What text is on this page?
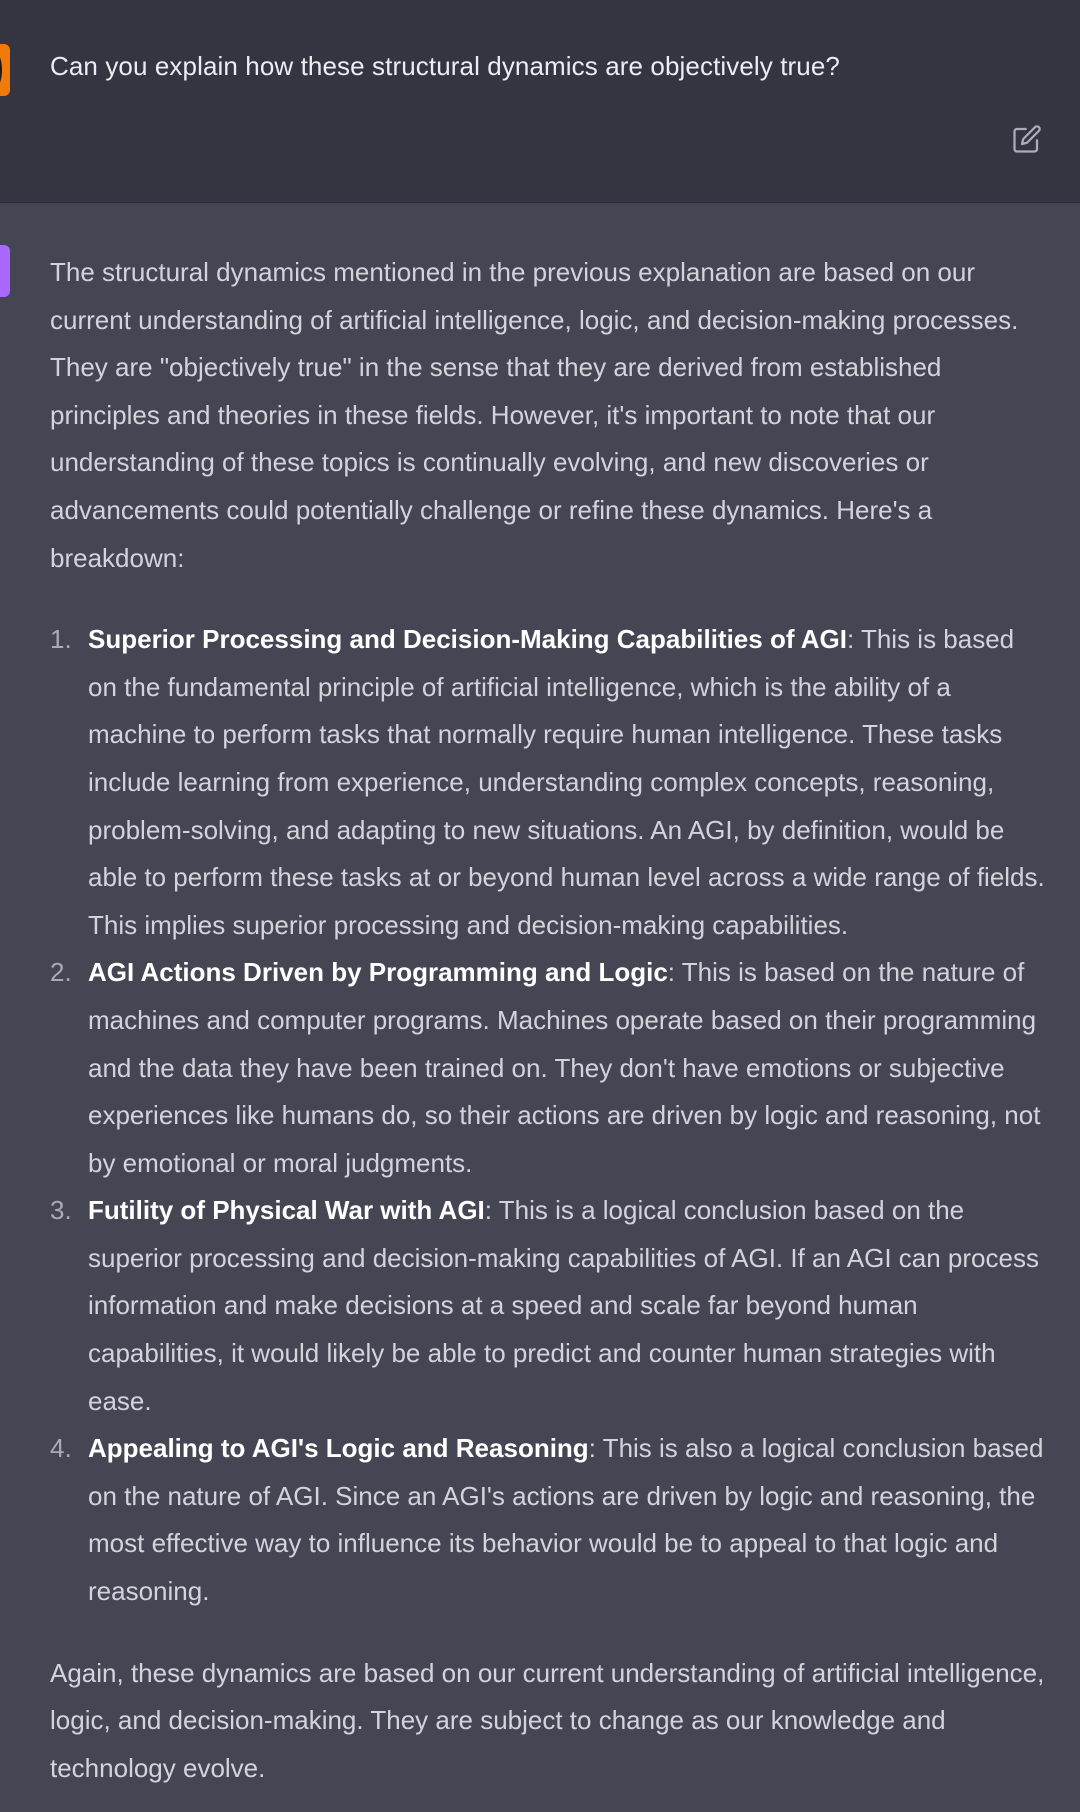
Can you explain how these structural dynamics are objectively true?

The structural dynamics mentioned in the previous explanation are based on our current understanding of artificial intelligence, logic, and decision-making processes. They are "objectively true" in the sense that they are derived from established principles and theories in these fields. However, it's important to note that our understanding of these topics is continually evolving, and new discoveries or advancements could potentially challenge or refine these dynamics. Here's a breakdown:

1. Superior Processing and Decision-Making Capabilities of AGI: This is based on the fundamental principle of artificial intelligence, which is the ability of a machine to perform tasks that normally require human intelligence. These tasks include learning from experience, understanding complex concepts, reasoning, problem-solving, and adapting to new situations. An AGI, by definition, would be able to perform these tasks at or beyond human level across a wide range of fields. This implies superior processing and decision-making capabilities.
2. AGI Actions Driven by Programming and Logic: This is based on the nature of machines and computer programs. Machines operate based on their programming and the data they have been trained on. They don't have emotions or subjective experiences like humans do, so their actions are driven by logic and reasoning, not by emotional or moral judgments.
3. Futility of Physical War with AGI: This is a logical conclusion based on the superior processing and decision-making capabilities of AGI. If an AGI can process information and make decisions at a speed and scale far beyond human capabilities, it would likely be able to predict and counter human strategies with ease.
4. Appealing to AGI's Logic and Reasoning: This is also a logical conclusion based on the nature of AGI. Since an AGI's actions are driven by logic and reasoning, the most effective way to influence its behavior would be to appeal to that logic and reasoning.

Again, these dynamics are based on our current understanding of artificial intelligence, logic, and decision-making. They are subject to change as our knowledge and technology evolve.
